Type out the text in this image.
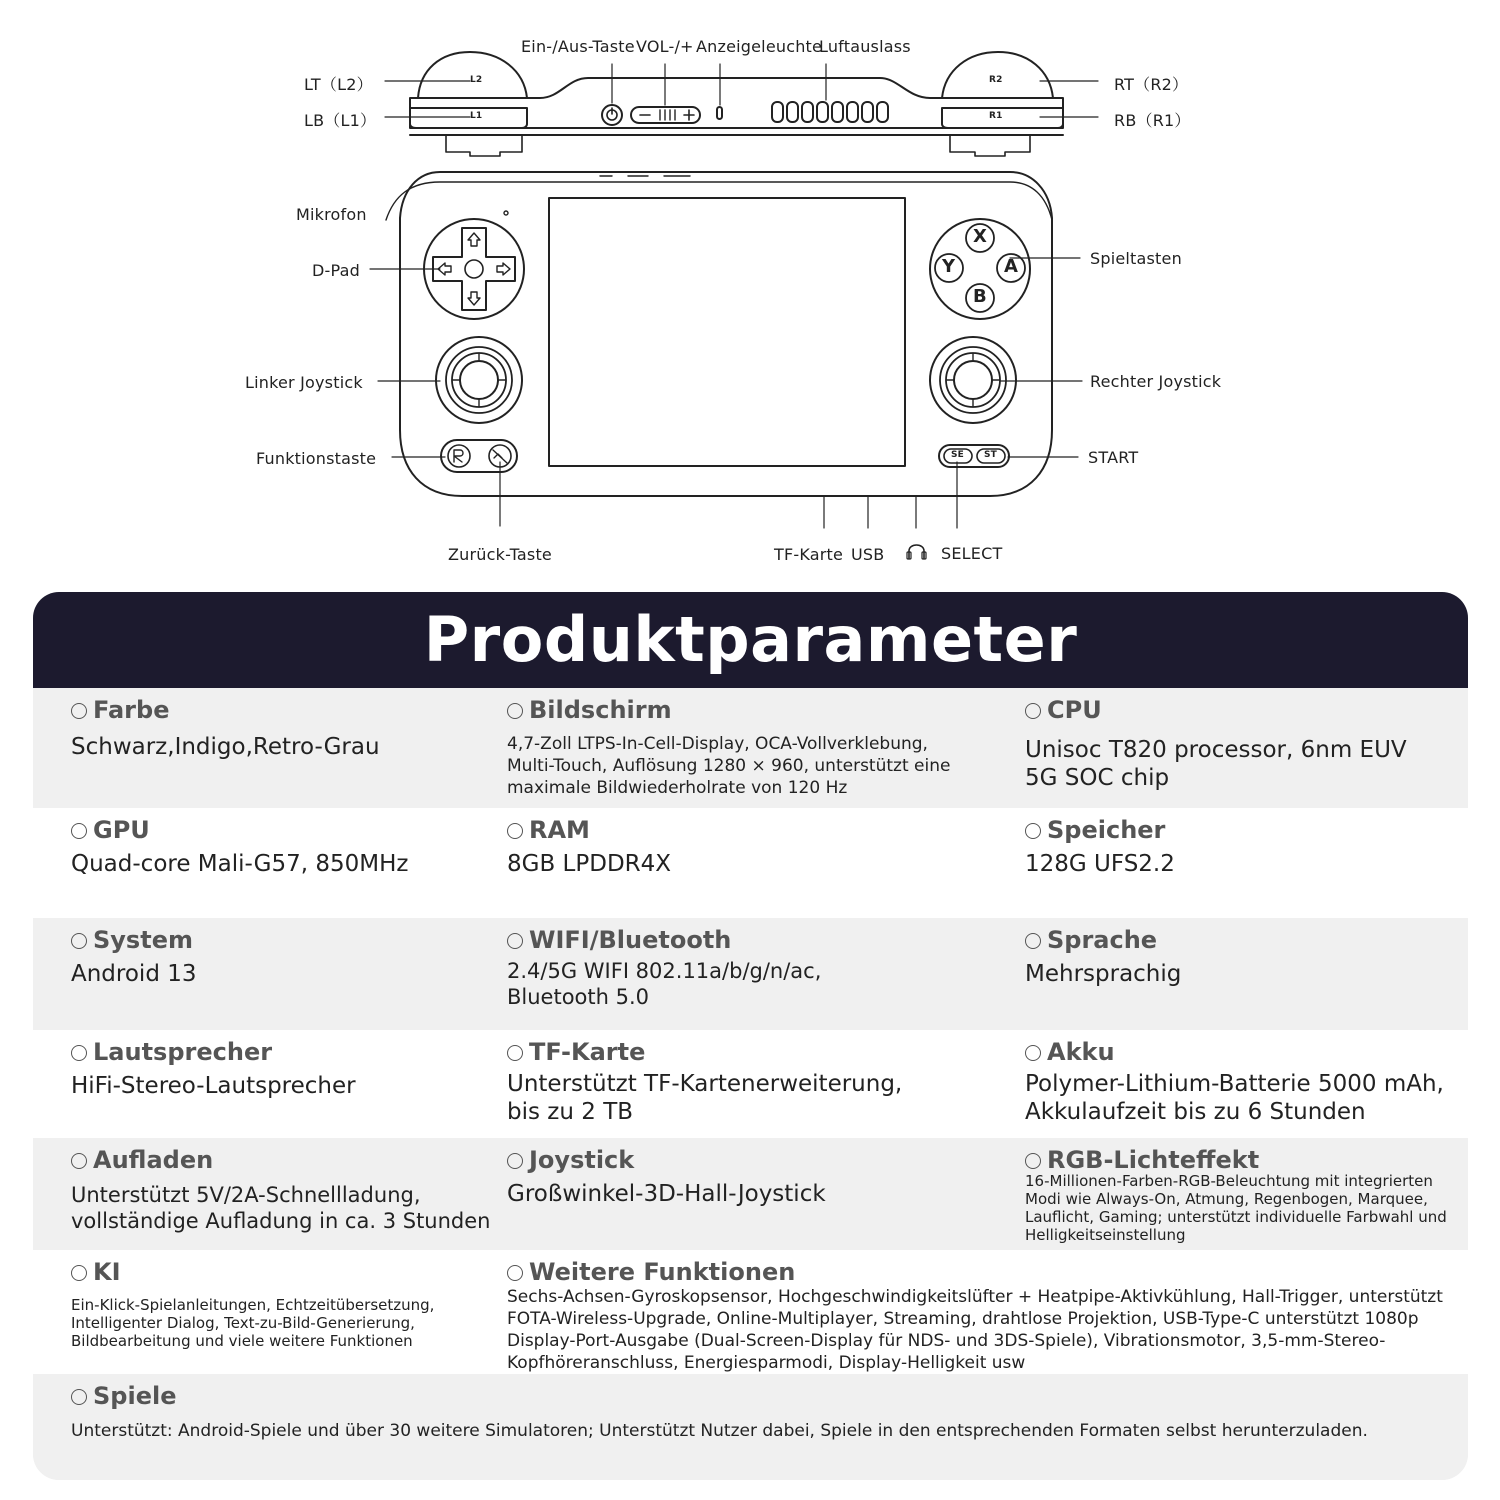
L2
L1
R2
R1
X
Y	A
B
SE ST
Ein-/Aus-Taste VOL-/+ Anzeigeleuchte
Luftauslass
LT（L2）
LB（L1）
RT（R2）
RB（R1）
Mikrofon
D-Pad
Linker Joystick
Funktionstaste
Zurück-Taste
Spieltasten
Rechter Joystick
START
TF-Karte USB	SELECT
Produktparameter
Farbe
Schwarz,Indigo,Retro-Grau
Bildschirm
4,7-Zoll LTPS-In-Cell-Display, OCA-Vollverklebung,
Multi-Touch, Auflösung 1280 × 960, unterstützt eine
maximale Bildwiederholrate von 120 Hz
CPU
Unisoc T820 processor, 6nm EUV
5G SOC chip
GPU
Quad-core Mali-G57, 850MHz
RAM
8GB LPDDR4X
Speicher
128G UFS2.2
System
Android 13
WIFI/Bluetooth
2.4/5G WIFI 802.11a/b/g/n/ac,
Bluetooth 5.0
Sprache
Mehrsprachig
Lautsprecher
HiFi-Stereo-Lautsprecher
TF-Karte
Unterstützt TF-Kartenerweiterung,
bis zu 2 TB
Akku
Polymer-Lithium-Batterie 5000 mAh,
Akkulaufzeit bis zu 6 Stunden
Aufladen
Unterstützt 5V/2A-Schnellladung,
vollständige Aufladung in ca. 3 Stunden
Joystick
Großwinkel-3D-Hall-Joystick
RGB-Lichteffekt
16-Millionen-Farben-RGB-Beleuchtung mit integrierten
Modi wie Always-On, Atmung, Regenbogen, Marquee,
Lauflicht, Gaming; unterstützt individuelle Farbwahl und
Helligkeitseinstellung
KI
Ein-Klick-Spielanleitungen, Echtzeitübersetzung,
Intelligenter Dialog, Text-zu-Bild-Generierung,
Bildbearbeitung und viele weitere Funktionen
Weitere Funktionen
Sechs-Achsen-Gyroskopsensor, Hochgeschwindigkeitslüfter + Heatpipe-Aktivkühlung, Hall-Trigger, unterstützt
FOTA-Wireless-Upgrade, Online-Multiplayer, Streaming, drahtlose Projektion, USB-Type-C unterstützt 1080p
Display-Port-Ausgabe (Dual-Screen-Display für NDS- und 3DS-Spiele), Vibrationsmotor, 3,5-mm-Stereo-
Kopfhöreranschluss, Energiesparmodi, Display-Helligkeit usw
Spiele
Unterstützt: Android-Spiele und über 30 weitere Simulatoren; Unterstützt Nutzer dabei, Spiele in den entsprechenden Formaten selbst herunterzuladen.
